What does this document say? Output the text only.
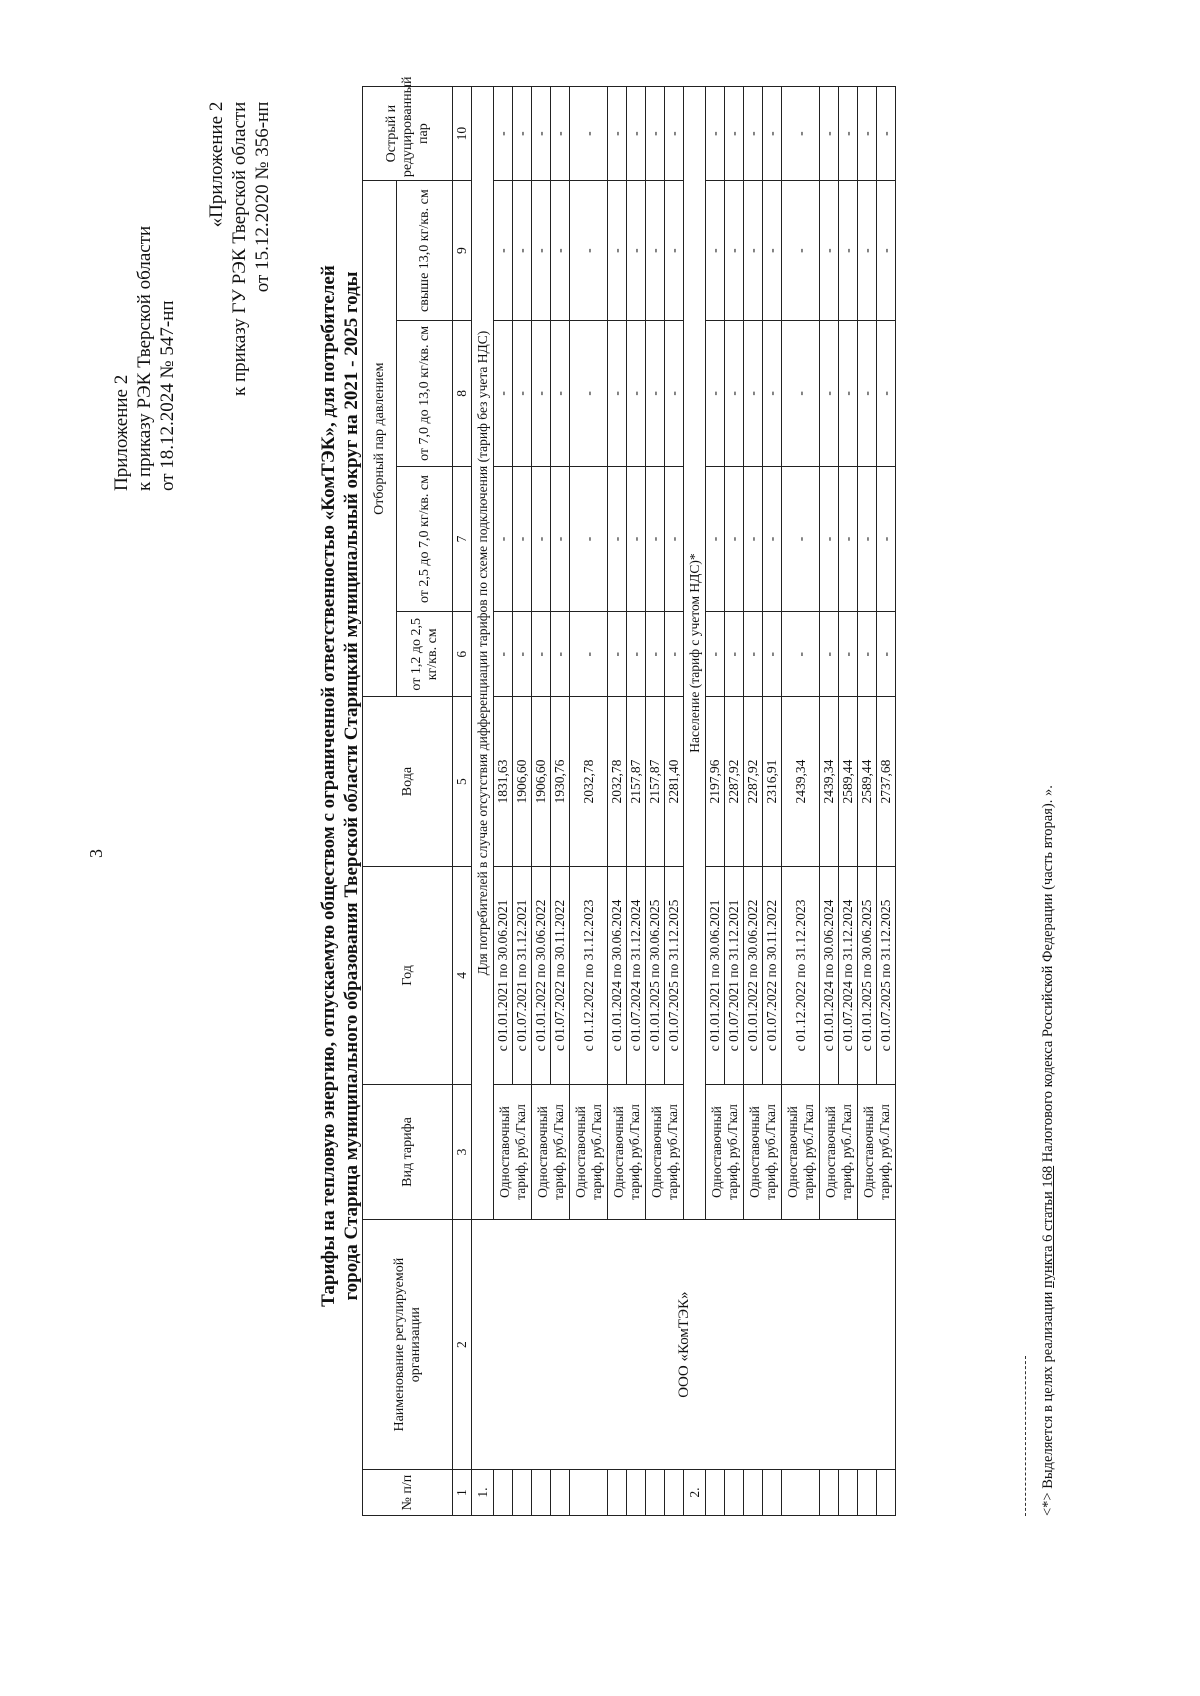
3
Приложение 2 к приказу РЭК Тверской области от 18.12.2024 № 547-нп
«Приложение 2 к приказу ГУ РЭК Тверской области от 15.12.2020 № 356-нп
Тарифы на тепловую энергию, отпускаемую обществом с ограниченной ответственностью «КомТЭК», для потребителей города Старица муниципального образования Тверской области Старицкий муниципальный округ на 2021 - 2025 годы
№ п/п	Наименование регулируемой организации	Вид тарифа	Год	Вода	Отборный пар давлением				Острый и редуцированный пар
					от 1,2 до 2,5 кг/кв. см	от 2,5 до 7,0 кг/кв. см	от 7,0 до 13,0 кг/кв. см	свыше 13,0 кг/кв. см	
1	2	3	4	5	6	7	8	9	10
1.	ООО «КомТЭК»	Для потребителей в случае отсутствия дифференциации тарифов по схеме подключения (тариф без учета НДС)							
		Одноставочный тариф, руб./Гкал	с 01.01.2021 по 30.06.2021	1831,63	-	-	-	-	-
			с 01.07.2021 по 31.12.2021	1906,60	-	-	-	-	-
		Одноставочный тариф, руб./Гкал	с 01.01.2022 по 30.06.2022	1906,60	-	-	-	-	-
			с 01.07.2022 по 30.11.2022	1930,76	-	-	-	-	-
		Одноставочный тариф, руб./Гкал	с 01.12.2022 по 31.12.2023	2032,78	-	-	-	-	-
		Одноставочный тариф, руб./Гкал	с 01.01.2024 по 30.06.2024	2032,78	-	-	-	-	-
			с 01.07.2024 по 31.12.2024	2157,87	-	-	-	-	-
		Одноставочный тариф, руб./Гкал	с 01.01.2025 по 30.06.2025	2157,87	-	-	-	-	-
			с 01.07.2025 по 31.12.2025	2281,40	-	-	-	-	-
2.		Население (тариф с учетом НДС)*							
		Одноставочный тариф, руб./Гкал	с 01.01.2021 по 30.06.2021	2197,96	-	-	-	-	-
			с 01.07.2021 по 31.12.2021	2287,92	-	-	-	-	-
		Одноставочный тариф, руб./Гкал	с 01.01.2022 по 30.06.2022	2287,92	-	-	-	-	-
			с 01.07.2022 по 30.11.2022	2316,91	-	-	-	-	-
		Одноставочный тариф, руб./Гкал	с 01.12.2022 по 31.12.2023	2439,34	-	-	-	-	-
		Одноставочный тариф, руб./Гкал	с 01.01.2024 по 30.06.2024	2439,34	-	-	-	-	-
			с 01.07.2024 по 31.12.2024	2589,44	-	-	-	-	-
		Одноставочный тариф, руб./Гкал	с 01.01.2025 по 30.06.2025	2589,44	-	-	-	-	-
			с 01.07.2025 по 31.12.2025	2737,68	-	-	-	-	-
<*> Выделяется в целях реализации пункта 6 статьи 168 Налогового кодекса Российской Федерации (часть вторая). ».
